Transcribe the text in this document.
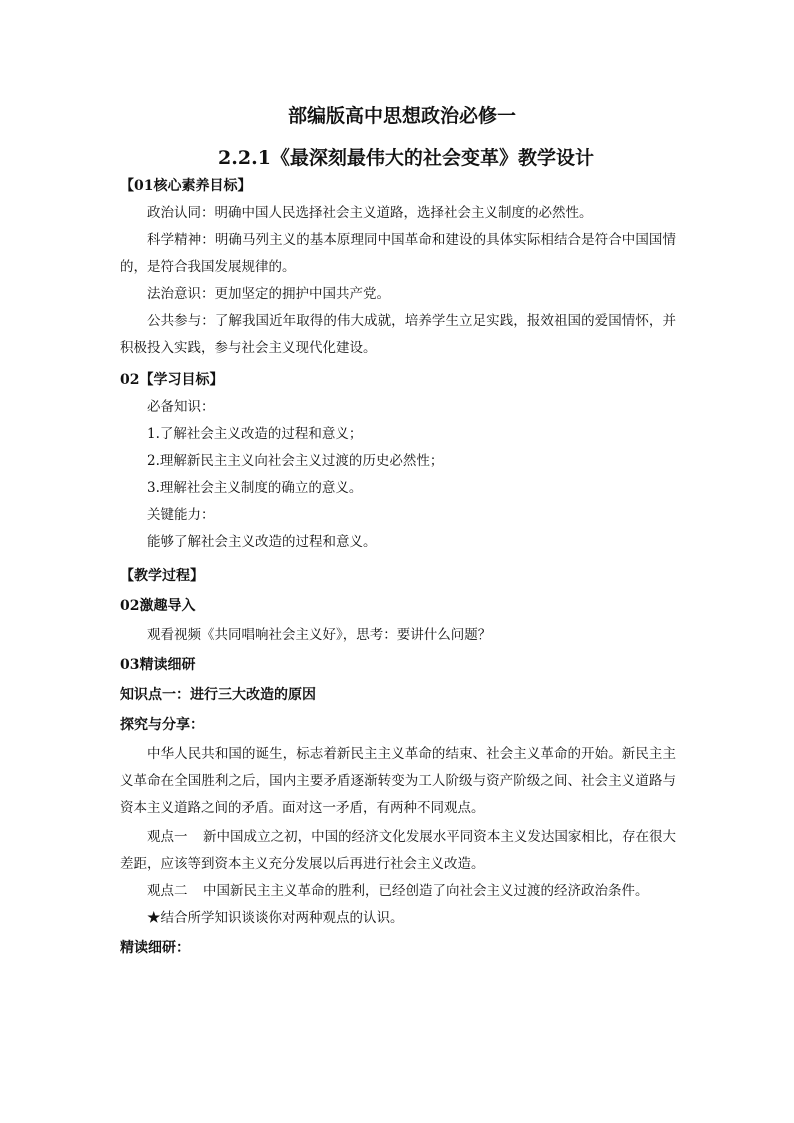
部编版高中思想政治必修一
2.2.1《最深刻最伟大的社会变革》教学设计
【01核心素养目标】
政治认同：明确中国人民选择社会主义道路，选择社会主义制度的必然性。
科学精神：明确马列主义的基本原理同中国革命和建设的具体实际相结合是符合中国国情的，是符合我国发展规律的。
法治意识：更加坚定的拥护中国共产党。
公共参与：了解我国近年取得的伟大成就，培养学生立足实践，报效祖国的爱国情怀，并积极投入实践，参与社会主义现代化建设。
02【学习目标】
必备知识：
1.了解社会主义改造的过程和意义；
2.理解新民主主义向社会主义过渡的历史必然性；
3.理解社会主义制度的确立的意义。
关键能力：
能够了解社会主义改造的过程和意义。
【教学过程】
02激趣导入
观看视频《共同唱响社会主义好》，思考：要讲什么问题？
03精读细研
知识点一：进行三大改造的原因
探究与分享：
中华人民共和国的诞生，标志着新民主主义革命的结束、社会主义革命的开始。新民主主义革命在全国胜利之后，国内主要矛盾逐渐转变为工人阶级与资产阶级之间、社会主义道路与资本主义道路之间的矛盾。面对这一矛盾，有两种不同观点。
观点一 新中国成立之初，中国的经济文化发展水平同资本主义发达国家相比，存在很大差距，应该等到资本主义充分发展以后再进行社会主义改造。
观点二 中国新民主主义革命的胜利，已经创造了向社会主义过渡的经济政治条件。
★结合所学知识谈谈你对两种观点的认识。
精读细研：
